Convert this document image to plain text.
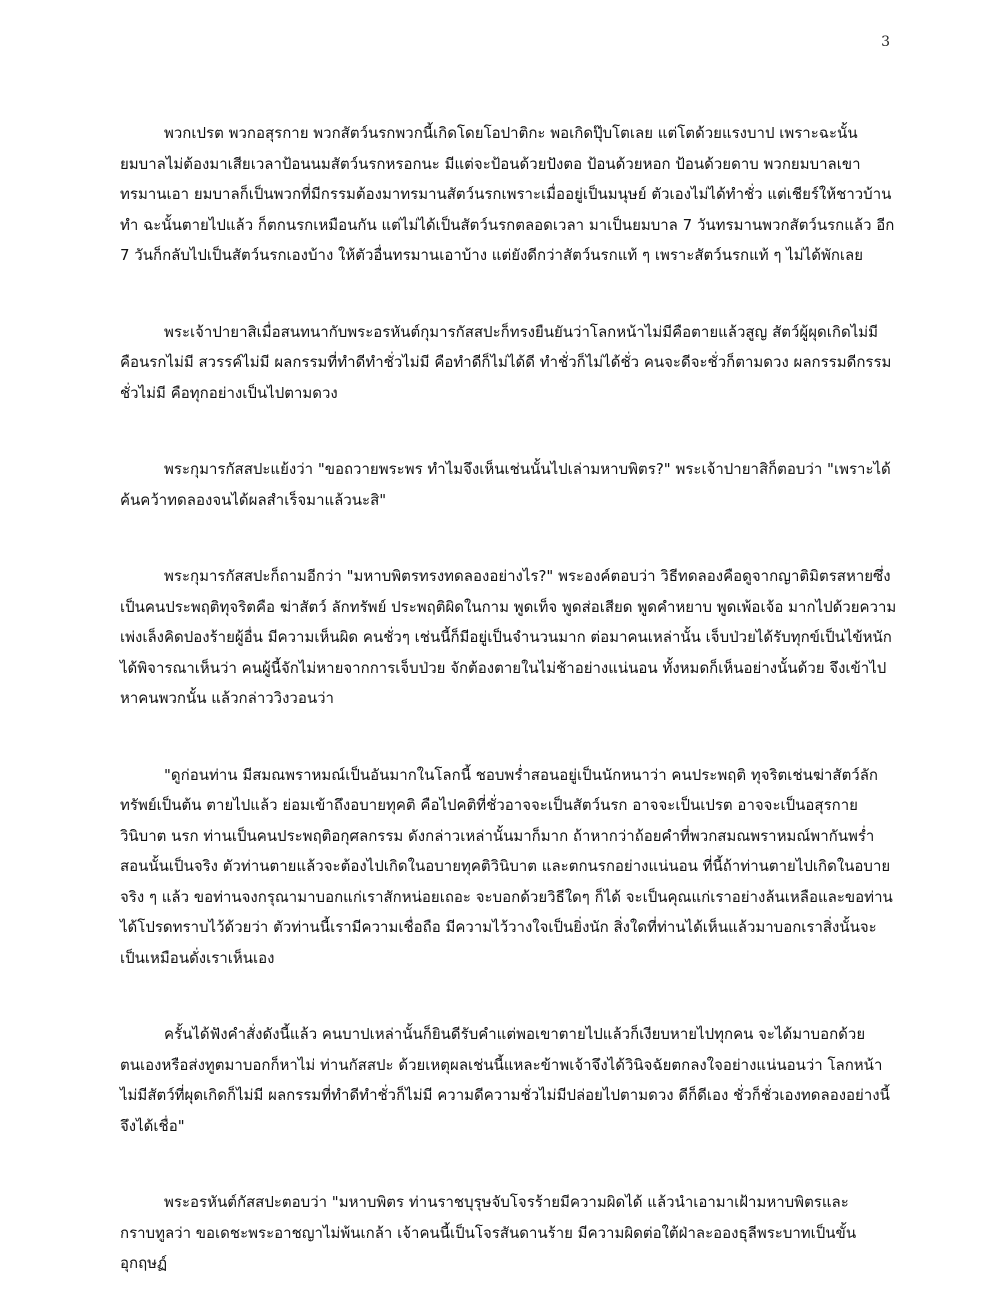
3

พวกเปรต พวกอสุรกาย พวกสัตว์นรกพวกนี้เกิดโดยโอปาติกะ พอเกิดปุ๊บโตเลย แต่โตด้วยแรงบาป เพราะฉะนั้นยมบาลไม่ต้องมาเสียเวลาป้อนนมสัตว์นรกหรอกนะ มีแต่จะป้อนด้วยปังตอ ป้อนด้วยหอก ป้อนด้วยดาบ พวกยมบาลเขาทรมานเอา ยมบาลก็เป็นพวกที่มีกรรมต้องมาทรมานสัตว์นรกเพราะเมื่ออยู่เป็นมนุษย์ ตัวเองไม่ได้ทำชั่ว แต่เชียร์ให้ชาวบ้านทำ ฉะนั้นตายไปแล้ว ก็ตกนรกเหมือนกัน แต่ไม่ได้เป็นสัตว์นรกตลอดเวลา มาเป็นยมบาล 7 วันทรมานพวกสัตว์นรกแล้ว อีก 7 วันก็กลับไปเป็นสัตว์นรกเองบ้าง ให้ตัวอื่นทรมานเอาบ้าง แต่ยังดีกว่าสัตว์นรกแท้ ๆ เพราะสัตว์นรกแท้ ๆ ไม่ได้พักเลย

พระเจ้าปายาสิเมื่อสนทนากับพระอรหันต์กุมารกัสสปะก็ทรงยืนยันว่าโลกหน้าไม่มีคือตายแล้วสูญ สัตว์ผู้ผุดเกิดไม่มี คือนรกไม่มี สวรรค์ไม่มี ผลกรรมที่ทำดีทำชั่วไม่มี คือทำดีก็ไม่ได้ดี ทำชั่วก็ไม่ได้ชั่ว คนจะดีจะชั่วก็ตามดวง ผลกรรมดีกรรมชั่วไม่มี คือทุกอย่างเป็นไปตามดวง

พระกุมารกัสสปะแย้งว่า "ขอถวายพระพร ทำไมจึงเห็นเช่นนั้นไปเล่ามหาบพิตร?" พระเจ้าปายาสิก็ตอบว่า "เพราะได้ค้นคว้าทดลองจนได้ผลสำเร็จมาแล้วนะสิ"

พระกุมารกัสสปะก็ถามอีกว่า "มหาบพิตรทรงทดลองอย่างไร?" พระองค์ตอบว่า วิธีทดลองคือดูจากญาติมิตรสหายซึ่งเป็นคนประพฤติทุจริตคือ ฆ่าสัตว์ ลักทรัพย์ ประพฤติผิดในกาม พูดเท็จ พูดส่อเสียด พูดคำหยาบ พูดเพ้อเจ้อ มากไปด้วยความเพ่งเล็งคิดปองร้ายผู้อื่น มีความเห็นผิด คนชั่วๆ เช่นนี้ก็มีอยู่เป็นจำนวนมาก ต่อมาคนเหล่านั้น เจ็บป่วยได้รับทุกข์เป็นไข้หนัก ได้พิจารณาเห็นว่า คนผู้นี้จักไม่หายจากการเจ็บป่วย จักต้องตายในไม่ช้าอย่างแน่นอน ทั้งหมดก็เห็นอย่างนั้นด้วย จึงเข้าไปหาคนพวกนั้น แล้วกล่าววิงวอนว่า

"ดูก่อนท่าน มีสมณพราหมณ์เป็นอันมากในโลกนี้ ชอบพร่ำสอนอยู่เป็นนักหนาว่า คนประพฤติ ทุจริตเช่นฆ่าสัตว์ลักทรัพย์เป็นต้น ตายไปแล้ว ย่อมเข้าถึงอบายทุคติ คือไปคติที่ชั่วอาจจะเป็นสัตว์นรก อาจจะเป็นเปรต อาจจะเป็นอสุรกายวินิบาต นรก ท่านเป็นคนประพฤติอกุศลกรรม ดังกล่าวเหล่านั้นมาก็มาก ถ้าหากว่าถ้อยคำที่พวกสมณพราหมณ์พากันพร่ำสอนนั้นเป็นจริง ตัวท่านตายแล้วจะต้องไปเกิดในอบายทุคติวินิบาต และตกนรกอย่างแน่นอน ที่นี้ถ้าท่านตายไปเกิดในอบายจริง ๆ แล้ว ขอท่านจงกรุณามาบอกแก่เราสักหน่อยเถอะ จะบอกด้วยวิธีใดๆ ก็ได้ จะเป็นคุณแก่เราอย่างล้นเหลือและขอท่านได้โปรดทราบไว้ด้วยว่า ตัวท่านนี้เรามีความเชื่อถือ มีความไว้วางใจเป็นยิ่งนัก สิ่งใดที่ท่านได้เห็นแล้วมาบอกเราสิ่งนั้นจะเป็นเหมือนดั่งเราเห็นเอง

ครั้นได้ฟังคำสั่งดังนี้แล้ว คนบาปเหล่านั้นก็ยินดีรับคำแต่พอเขาตายไปแล้วก็เงียบหายไปทุกคน จะได้มาบอกด้วยตนเองหรือส่งทูตมาบอกก็หาไม่ ท่านกัสสปะ ด้วยเหตุผลเช่นนี้แหละข้าพเจ้าจึงได้วินิจฉัยตกลงใจอย่างแน่นอนว่า โลกหน้าไม่มีสัตว์ที่ผุดเกิดก็ไม่มี ผลกรรมที่ทำดีทำชั่วก็ไม่มี ความดีความชั่วไม่มีปล่อยไปตามดวง ดีก็ดีเอง ชั่วก็ชั่วเองทดลองอย่างนี้จึงได้เชื่อ"

พระอรหันต์กัสสปะตอบว่า "มหาบพิตร ท่านราชบุรุษจับโจรร้ายมีความผิดได้ แล้วนำเอามาเฝ้ามหาบพิตรและกราบทูลว่า ขอเดชะพระอาชญาไม่พ้นเกล้า เจ้าคนนี้เป็นโจรสันดานร้าย มีความผิดต่อใต้ฝ่าละอองธุลีพระบาทเป็นขั้นอุกฤษฏ์
